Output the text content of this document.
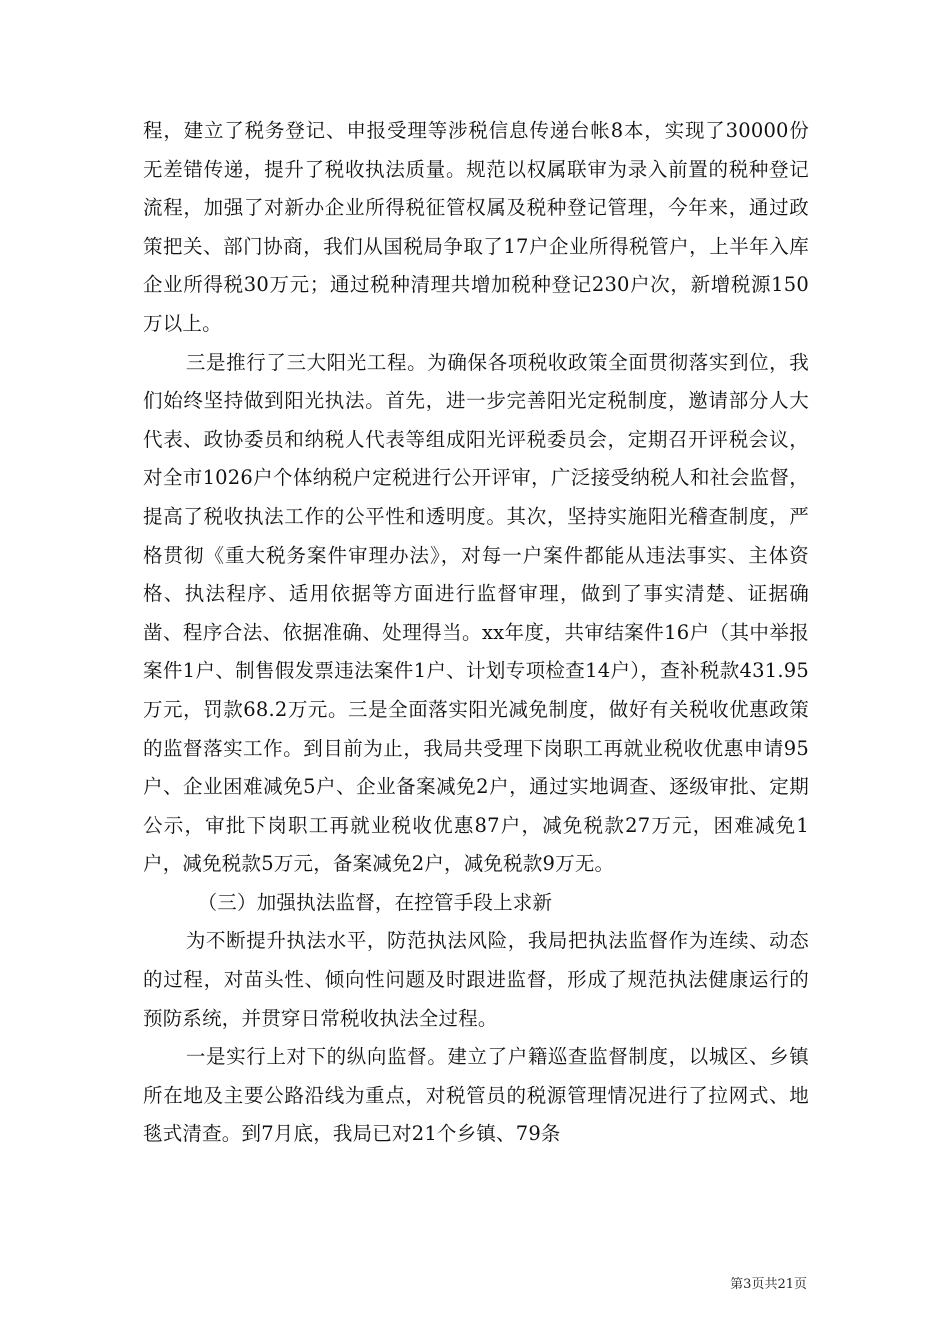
程，建立了税务登记、申报受理等涉税信息传递台帐8本，实现了30000份无差错传递，提升了税收执法质量。规范以权属联审为录入前置的税种登记流程，加强了对新办企业所得税征管权属及税种登记管理，今年来，通过政策把关、部门协商，我们从国税局争取了17户企业所得税管户，上半年入库企业所得税30万元；通过税种清理共增加税种登记230户次，新增税源150万以上。

三是推行了三大阳光工程。为确保各项税收政策全面贯彻落实到位，我们始终坚持做到阳光执法。首先，进一步完善阳光定税制度，邀请部分人大代表、政协委员和纳税人代表等组成阳光评税委员会，定期召开评税会议，对全市1026户个体纳税户定税进行公开评审，广泛接受纳税人和社会监督，提高了税收执法工作的公平性和透明度。其次，坚持实施阳光稽查制度，严格贯彻《重大税务案件审理办法》，对每一户案件都能从违法事实、主体资格、执法程序、适用依据等方面进行监督审理，做到了事实清楚、证据确凿、程序合法、依据准确、处理得当。xx年度，共审结案件16户（其中举报案件1户、制售假发票违法案件1户、计划专项检查14户），查补税款431.95万元，罚款68.2万元。三是全面落实阳光减免制度，做好有关税收优惠政策的监督落实工作。到目前为止，我局共受理下岗职工再就业税收优惠申请95户、企业困难减免5户、企业备案减免2户，通过实地调查、逐级审批、定期公示，审批下岗职工再就业税收优惠87户，减免税款27万元，困难减免1户，减免税款5万元，备案减免2户，减免税款9万无。

（三）加强执法监督，在控管手段上求新

为不断提升执法水平，防范执法风险，我局把执法监督作为连续、动态的过程，对苗头性、倾向性问题及时跟进监督，形成了规范执法健康运行的预防系统，并贯穿日常税收执法全过程。

一是实行上对下的纵向监督。建立了户籍巡查监督制度，以城区、乡镇所在地及主要公路沿线为重点，对税管员的税源管理情况进行了拉网式、地毯式清查。到7月底，我局已对21个乡镇、79条

第3页共21页
